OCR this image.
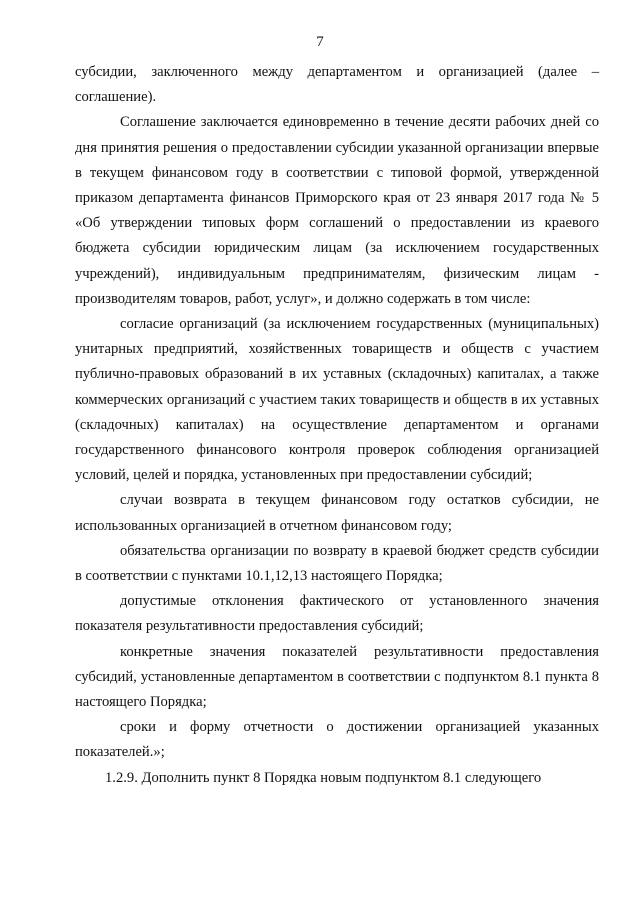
7

субсидии, заключенного между департаментом и организацией (далее – соглашение).

Соглашение заключается единовременно в течение десяти рабочих дней со дня принятия решения о предоставлении субсидии указанной организации впервые в текущем финансовом году в соответствии с типовой формой, утвержденной приказом департамента финансов Приморского края от 23 января 2017 года № 5 «Об утверждении типовых форм соглашений о предоставлении из краевого бюджета субсидии юридическим лицам (за исключением государственных учреждений), индивидуальным предпринимателям, физическим лицам - производителям товаров, работ, услуг», и должно содержать в том числе:

согласие организаций (за исключением государственных (муниципальных) унитарных предприятий, хозяйственных товариществ и обществ с участием публично-правовых образований в их уставных (складочных) капиталах, а также коммерческих организаций с участием таких товариществ и обществ в их уставных (складочных) капиталах) на осуществление департаментом и органами государственного финансового контроля проверок соблюдения организацией условий, целей и порядка, установленных при предоставлении субсидий;

случаи возврата в текущем финансовом году остатков субсидии, не использованных организацией в отчетном финансовом году;

обязательства организации по возврату в краевой бюджет средств субсидии в соответствии с пунктами 10.1,12,13 настоящего Порядка;

допустимые отклонения фактического от установленного значения показателя результативности предоставления субсидий;

конкретные значения показателей результативности предоставления субсидий, установленные департаментом в соответствии с подпунктом 8.1 пункта 8 настоящего Порядка;

сроки и форму отчетности о достижении организацией указанных показателей.»;

1.2.9. Дополнить пункт 8 Порядка новым подпунктом 8.1 следующего
